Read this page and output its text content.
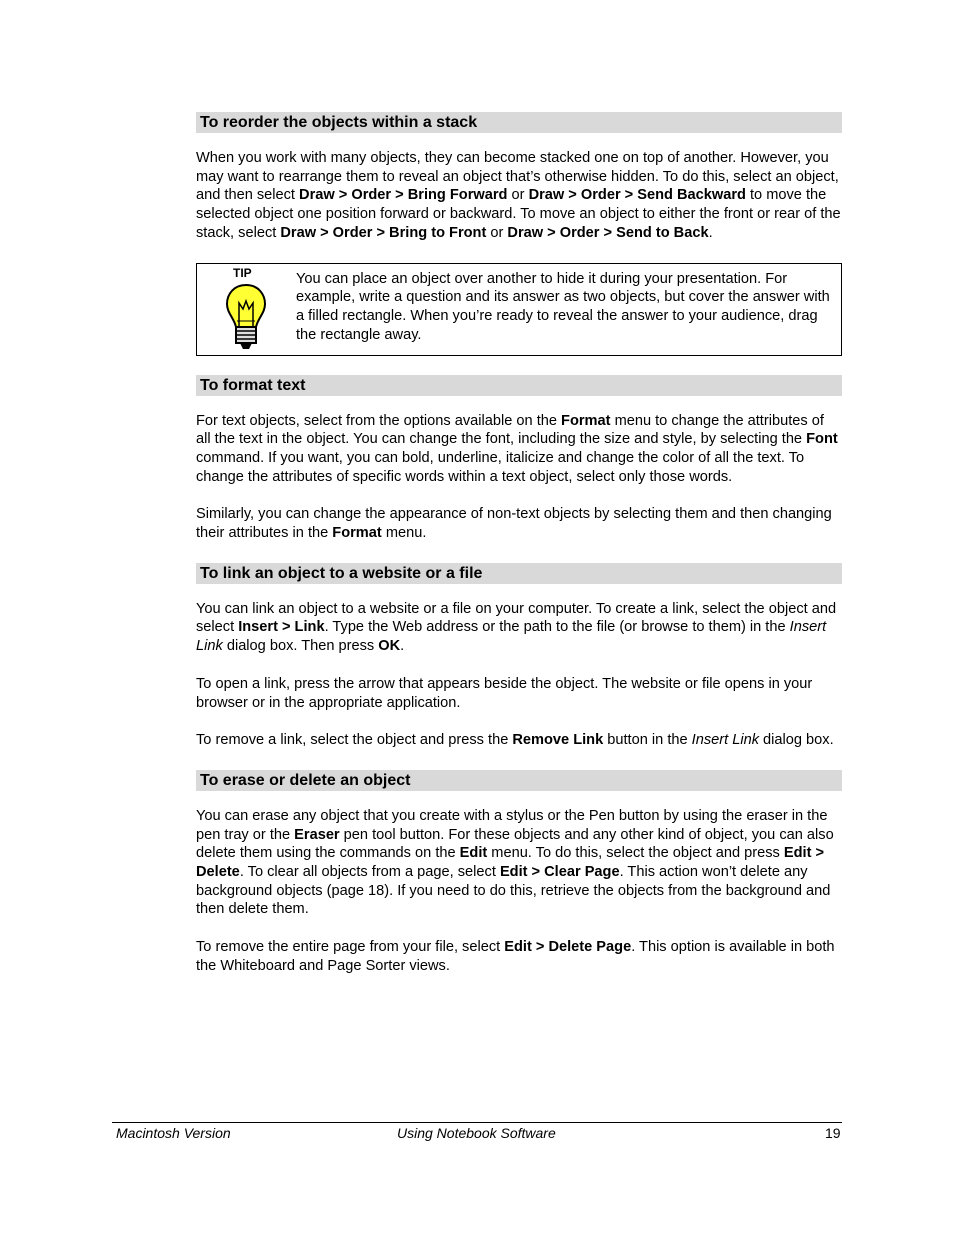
To reorder the objects within a stack

When you work with many objects, they can become stacked one on top of another. However, you may want to rearrange them to reveal an object that’s otherwise hidden. To do this, select an object, and then select Draw > Order > Bring Forward or Draw > Order > Send Backward to move the selected object one position forward or backward. To move an object to either the front or rear of the stack, select Draw > Order > Bring to Front or Draw > Order > Send to Back.

TIP	You can place an object over another to hide it during your presentation. For example, write a question and its answer as two objects, but cover the answer with a filled rectangle. When you’re ready to reveal the answer to your audience, drag the rectangle away.
To format text

For text objects, select from the options available on the Format menu to change the attributes of all the text in the object. You can change the font, including the size and style, by selecting the Font command. If you want, you can bold, underline, italicize and change the color of all the text. To change the attributes of specific words within a text object, select only those words.

Similarly, you can change the appearance of non-text objects by selecting them and then changing their attributes in the Format menu.

To link an object to a website or a file

You can link an object to a website or a file on your computer. To create a link, select the object and select Insert > Link. Type the Web address or the path to the file (or browse to them) in the Insert Link dialog box. Then press OK.

To open a link, press the arrow that appears beside the object. The website or file opens in your browser or in the appropriate application.

To remove a link, select the object and press the Remove Link button in the Insert Link dialog box.

To erase or delete an object

You can erase any object that you create with a stylus or the Pen button by using the eraser in the pen tray or the Eraser pen tool button. For these objects and any other kind of object, you can also delete them using the commands on the Edit menu. To do this, select the object and press Edit > Delete. To clear all objects from a page, select Edit > Clear Page. This action won’t delete any background objects (page 18). If you need to do this, retrieve the objects from the background and then delete them.

To remove the entire page from your file, select Edit > Delete Page. This option is available in both the Whiteboard and Page Sorter views.

Macintosh Version	Using Notebook Software	19
